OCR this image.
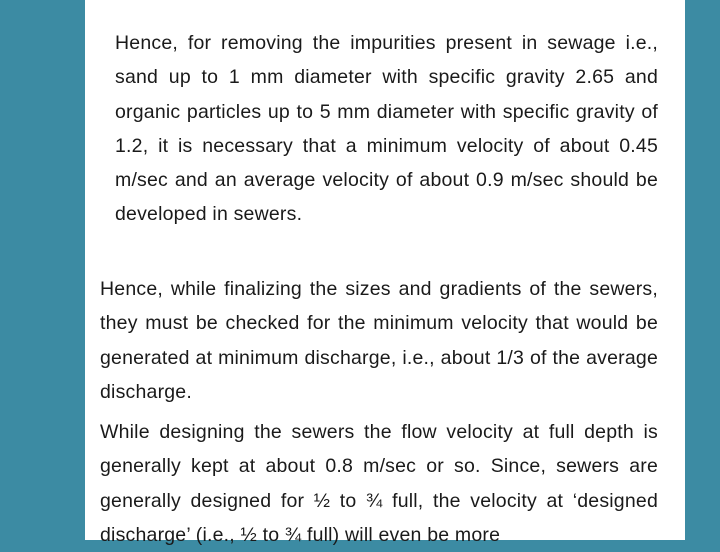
Hence, for removing the impurities present in sewage i.e., sand up to 1 mm diameter with specific gravity 2.65 and organic particles up to 5 mm diameter with specific gravity of 1.2, it is necessary that a minimum velocity of about 0.45 m/sec and an average velocity of about 0.9 m/sec should be developed in sewers.

Hence, while finalizing the sizes and gradients of the sewers, they must be checked for the minimum velocity that would be generated at minimum discharge, i.e., about 1/3 of the average discharge.

While designing the sewers the flow velocity at full depth is generally kept at about 0.8 m/sec or so. Since, sewers are generally designed for ½ to ¾ full, the velocity at ‘designed discharge’ (i.e., ½ to ¾ full) will even be more
